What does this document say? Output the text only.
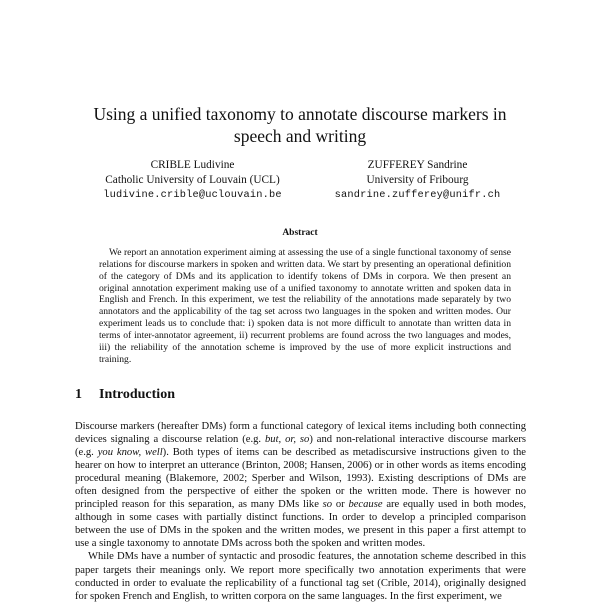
Using a unified taxonomy to annotate discourse markers in
speech and writing
CRIBLE Ludivine
Catholic University of Louvain (UCL)
ludivine.crible@uclouvain.be
ZUFFEREY Sandrine
University of Fribourg
sandrine.zufferey@unifr.ch
Abstract

We report an annotation experiment aiming at assessing the use of a single functional taxonomy of sense relations for discourse markers in spoken and written data. We start by presenting an operational definition of the category of DMs and its application to identify tokens of DMs in corpora. We then present an original annotation experiment making use of a unified taxonomy to annotate written and spoken data in English and French. In this experiment, we test the reliability of the annotations made separately by two annotators and the applicability of the tag set across two languages in the spoken and written modes. Our experiment leads us to conclude that: i) spoken data is not more difficult to annotate than written data in terms of inter-annotator agreement, ii) recurrent problems are found across the two languages and modes, iii) the reliability of the annotation scheme is improved by the use of more explicit instructions and training.

1 Introduction

Discourse markers (hereafter DMs) form a functional category of lexical items including both connecting devices signaling a discourse relation (e.g. but, or, so) and non-relational interactive discourse markers (e.g. you know, well). Both types of items can be described as metadiscursive instructions given to the hearer on how to interpret an utterance (Brinton, 2008; Hansen, 2006) or in other words as items encoding procedural meaning (Blakemore, 2002; Sperber and Wilson, 1993). Existing descriptions of DMs are often designed from the perspective of either the spoken or the written mode. There is however no principled reason for this separation, as many DMs like so or because are equally used in both modes, although in some cases with partially distinct functions. In order to develop a principled comparison between the use of DMs in the spoken and the written modes, we present in this paper a first attempt to use a single taxonomy to annotate DMs across both the spoken and written modes.

While DMs have a number of syntactic and prosodic features, the annotation scheme described in this paper targets their meanings only. We report more specifically two annotation experiments that were conducted in order to evaluate the replicability of a functional tag set (Crible, 2014), originally designed for spoken French and English, to written corpora on the same languages. In the first experiment, we
